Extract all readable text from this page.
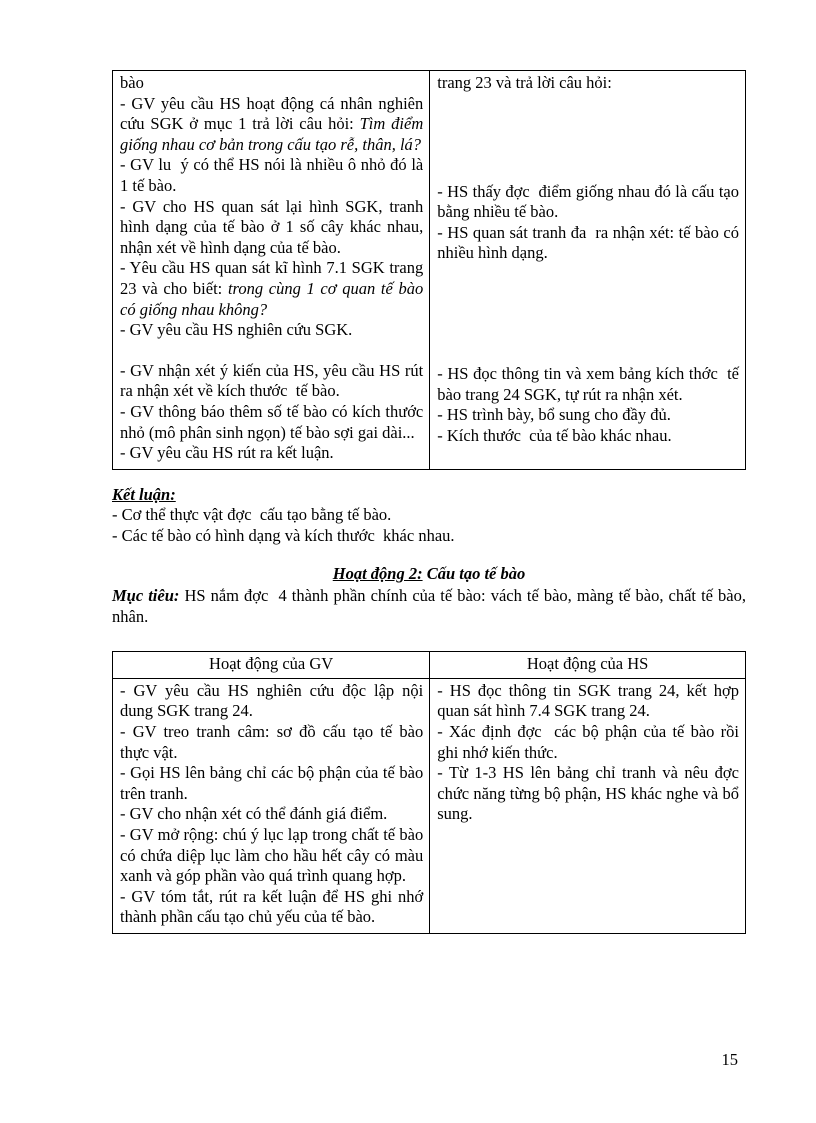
bào

- GV yêu cầu HS hoạt động cá nhân nghiên cứu SGK ở mục 1 trả lời câu hỏi: Tìm điểm giống nhau cơ bản trong cấu tạo rễ, thân, lá?

- GV lu  ý có thể HS nói là nhiều ô nhỏ đó là 1 tế bào.

- GV cho HS quan sát lại hình SGK, tranh hình dạng của tế bào ở 1 số cây khác nhau, nhận xét về hình dạng của tế bào.

- Yêu cầu HS quan sát kĩ hình 7.1 SGK trang 23 và cho biết: trong cùng 1 cơ quan tế bào có giống nhau không?

- GV yêu cầu HS nghiên cứu SGK.

- GV nhận xét ý kiến của HS, yêu cầu HS rút ra nhận xét về kích thước  tế bào.

- GV thông báo thêm số tế bào có kích thước  nhỏ (mô phân sinh ngọn) tế bào sợi gai dài...

- GV yêu cầu HS rút ra kết luận.

trang 23 và trả lời câu hỏi:

- HS thấy đợc  điểm giống nhau đó là cấu tạo bằng nhiều tế bào.

- HS quan sát tranh đa  ra nhận xét: tế bào có nhiều hình dạng.

- HS đọc thông tin và xem bảng kích thớc  tế bào trang 24 SGK, tự rút ra nhận xét.

- HS trình bày, bổ sung cho đầy đủ.

- Kích thước  của tế bào khác nhau.

Kết luận:

- Cơ thể thực vật đợc  cấu tạo bằng tế bào.

- Các tế bào có hình dạng và kích thước  khác nhau.

Hoạt động 2: Cấu tạo tế bào

Mục tiêu: HS nắm đợc  4 thành phần chính của tế bào: vách tế bào, màng tế bào, chất tế bào, nhân.

Hoạt động của GV	Hoạt động của HS

- GV yêu cầu HS nghiên cứu độc lập nội dung SGK trang 24.

- GV treo tranh câm: sơ đồ cấu tạo tế bào thực vật.

- Gọi HS lên bảng chỉ các bộ phận của tế bào trên tranh.

- GV cho nhận xét có thể đánh giá điểm.

- GV mở rộng: chú ý lục lạp trong chất tế bào có chứa diệp lục làm cho hầu hết cây có màu xanh và góp phần vào quá trình quang hợp.

- GV tóm tắt, rút ra kết luận để HS ghi nhớ thành phần cấu tạo chủ yếu của tế bào.

- HS đọc thông tin SGK trang 24, kết hợp quan sát hình 7.4 SGK trang 24.

- Xác định đợc  các bộ phận của tế bào rồi ghi nhớ kiến thức.

- Từ 1-3 HS lên bảng chỉ tranh và nêu đợc  chức năng từng bộ phận, HS khác nghe và bổ sung.

15
